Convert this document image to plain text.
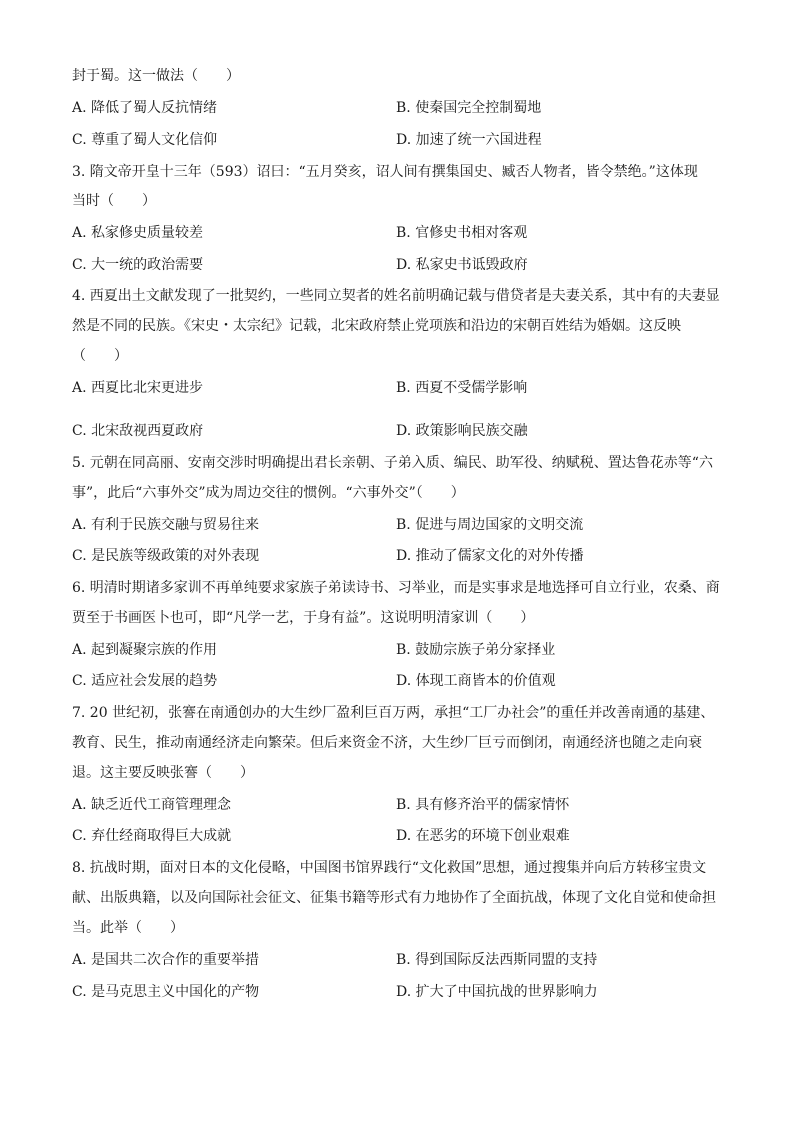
封于蜀。这一做法（　　）
A. 降低了蜀人反抗情绪	B. 使秦国完全控制蜀地
C. 尊重了蜀人文化信仰	D. 加速了统一六国进程
3. 隋文帝开皇十三年（593）诏曰：“五月癸亥，诏人间有撰集国史、臧否人物者，皆令禁绝。”这体现
当时（　　）
A. 私家修史质量较差	B. 官修史书相对客观
C. 大一统的政治需要	D. 私家史书诋毁政府
4. 西夏出土文献发现了一批契约，一些同立契者的姓名前明确记载与借贷者是夫妻关系，其中有的夫妻显
然是不同的民族。《宋史・太宗纪》记载，北宋政府禁止党项族和沿边的宋朝百姓结为婚姻。这反映
（　　）
A. 西夏比北宋更进步	B. 西夏不受儒学影响
C. 北宋敌视西夏政府	D. 政策影响民族交融
5. 元朝在同高丽、安南交涉时明确提出君长亲朝、子弟入质、编民、助军役、纳赋税、置达鲁花赤等“六
事”，此后“六事外交”成为周边交往的惯例。“六事外交”（　　）
A. 有利于民族交融与贸易往来	B. 促进与周边国家的文明交流
C. 是民族等级政策的对外表现	D. 推动了儒家文化的对外传播
6. 明清时期诸多家训不再单纯要求家族子弟读诗书、习举业，而是实事求是地选择可自立行业，农桑、商
贾至于书画医卜也可，即“凡学一艺，于身有益”。这说明明清家训（　　）
A. 起到凝聚宗族的作用	B. 鼓励宗族子弟分家择业
C. 适应社会发展的趋势	D. 体现工商皆本的价值观
7. 20 世纪初，张謇在南通创办的大生纱厂盈利巨百万两，承担“工厂办社会”的重任并改善南通的基建、
教育、民生，推动南通经济走向繁荣。但后来资金不济，大生纱厂巨亏而倒闭，南通经济也随之走向衰
退。这主要反映张謇（　　）
A. 缺乏近代工商管理理念	B. 具有修齐治平的儒家情怀
C. 弃仕经商取得巨大成就	D. 在恶劣的环境下创业艰难
8. 抗战时期，面对日本的文化侵略，中国图书馆界践行“文化救国”思想，通过搜集并向后方转移宝贵文
献、出版典籍，以及向国际社会征文、征集书籍等形式有力地协作了全面抗战，体现了文化自觉和使命担
当。此举（　　）
A. 是国共二次合作的重要举措	B. 得到国际反法西斯同盟的支持
C. 是马克思主义中国化的产物	D. 扩大了中国抗战的世界影响力
